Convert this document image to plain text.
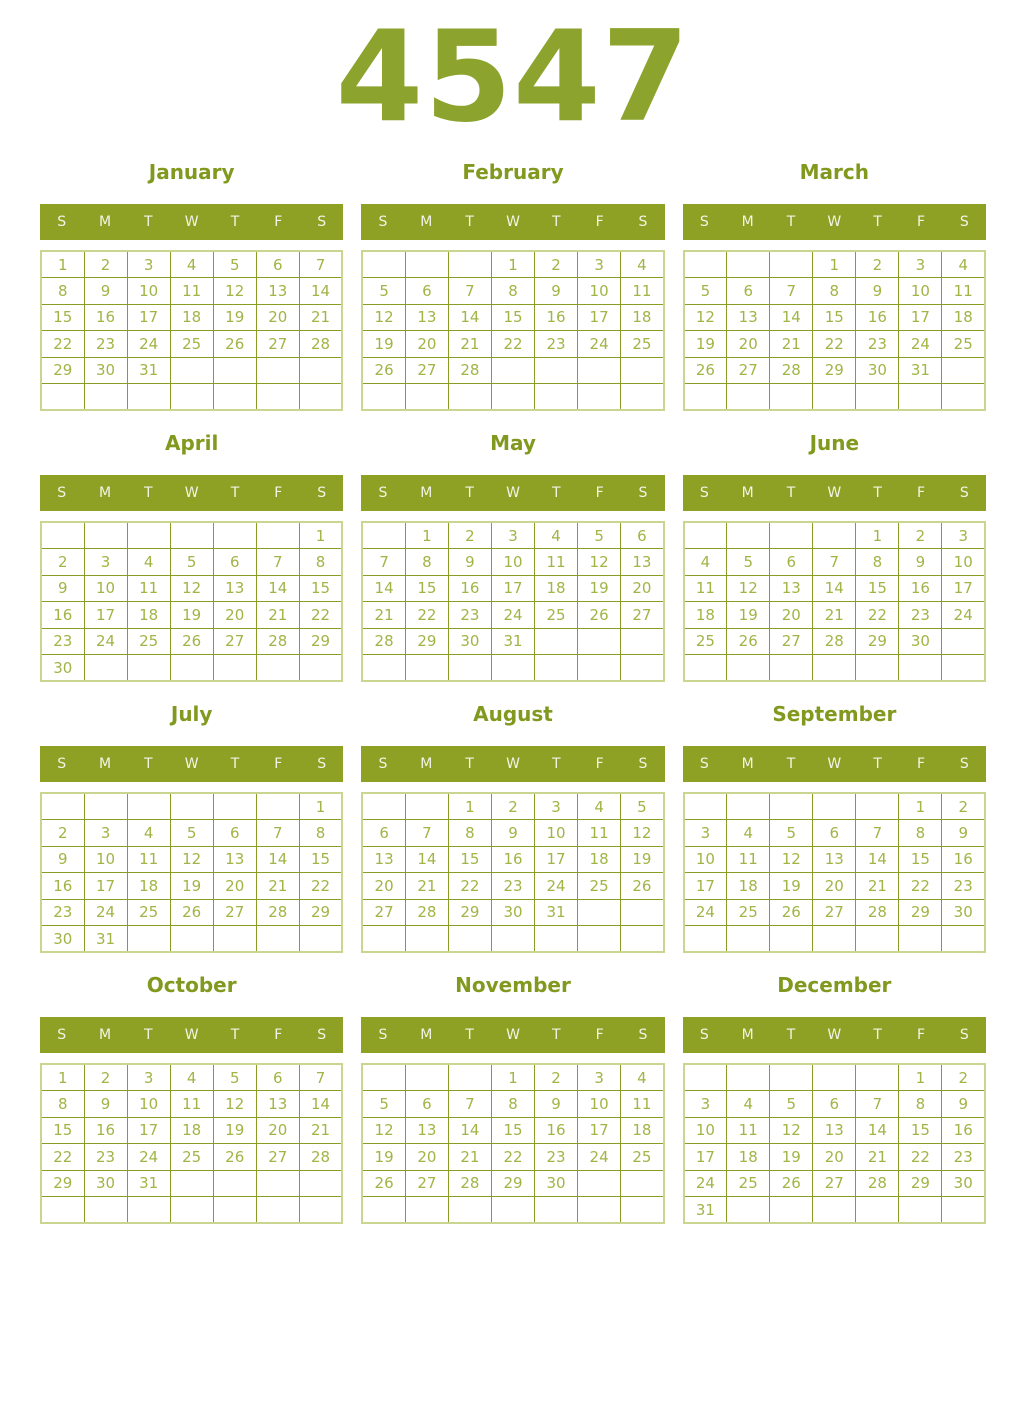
4547
January
S	M	T	W	T	F	S
1	2	3	4	5	6	7
8	9	10	11	12	13	14
15	16	17	18	19	20	21
22	23	24	25	26	27	28
29	30	31				

February
S	M	T	W	T	F	S
			1	2	3	4
5	6	7	8	9	10	11
12	13	14	15	16	17	18
19	20	21	22	23	24	25
26	27	28				

March
S	M	T	W	T	F	S
			1	2	3	4
5	6	7	8	9	10	11
12	13	14	15	16	17	18
19	20	21	22	23	24	25
26	27	28	29	30	31	

April
S	M	T	W	T	F	S
						1
2	3	4	5	6	7	8
9	10	11	12	13	14	15
16	17	18	19	20	21	22
23	24	25	26	27	28	29
30						
May
S	M	T	W	T	F	S
	1	2	3	4	5	6
7	8	9	10	11	12	13
14	15	16	17	18	19	20
21	22	23	24	25	26	27
28	29	30	31			

June
S	M	T	W	T	F	S
				1	2	3
4	5	6	7	8	9	10
11	12	13	14	15	16	17
18	19	20	21	22	23	24
25	26	27	28	29	30	

July
S	M	T	W	T	F	S
						1
2	3	4	5	6	7	8
9	10	11	12	13	14	15
16	17	18	19	20	21	22
23	24	25	26	27	28	29
30	31					
August
S	M	T	W	T	F	S
		1	2	3	4	5
6	7	8	9	10	11	12
13	14	15	16	17	18	19
20	21	22	23	24	25	26
27	28	29	30	31		

September
S	M	T	W	T	F	S
					1	2
3	4	5	6	7	8	9
10	11	12	13	14	15	16
17	18	19	20	21	22	23
24	25	26	27	28	29	30

October
S	M	T	W	T	F	S
1	2	3	4	5	6	7
8	9	10	11	12	13	14
15	16	17	18	19	20	21
22	23	24	25	26	27	28
29	30	31				

November
S	M	T	W	T	F	S
			1	2	3	4
5	6	7	8	9	10	11
12	13	14	15	16	17	18
19	20	21	22	23	24	25
26	27	28	29	30		

December
S	M	T	W	T	F	S
					1	2
3	4	5	6	7	8	9
10	11	12	13	14	15	16
17	18	19	20	21	22	23
24	25	26	27	28	29	30
31						
